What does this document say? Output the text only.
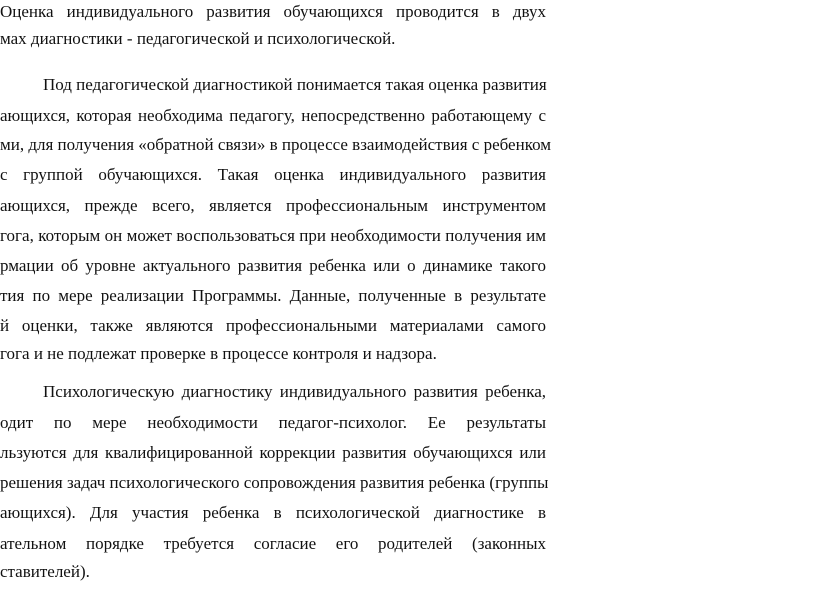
Оценка индивидуального развития обучающихся проводится в двух
мах диагностики - педагогической и психологической.
Под педагогической диагностикой понимается такая оценка развития
ающихся, которая необходима педагогу, непосредственно работающему с
ми, для получения «обратной связи» в процессе взаимодействия с ребенком
с группой обучающихся. Такая оценка индивидуального развития
ающихся, прежде всего, является профессиональным инструментом
гога, которым он может воспользоваться при необходимости получения им
рмации об уровне актуального развития ребенка или о динамике такого
тия по мере реализации Программы. Данные, полученные в результате
й оценки, также являются профессиональными материалами самого
гога и не подлежат проверке в процессе контроля и надзора.
Психологическую диагностику индивидуального развития ребенка,
одит по мере необходимости педагог-психолог. Ее результаты
льзуются для квалифицированной коррекции развития обучающихся или
решения задач психологического сопровождения развития ребенка (группы
ающихся). Для участия ребенка в психологической диагностике в
ательном порядке требуется согласие его родителей (законных
ставителей).
